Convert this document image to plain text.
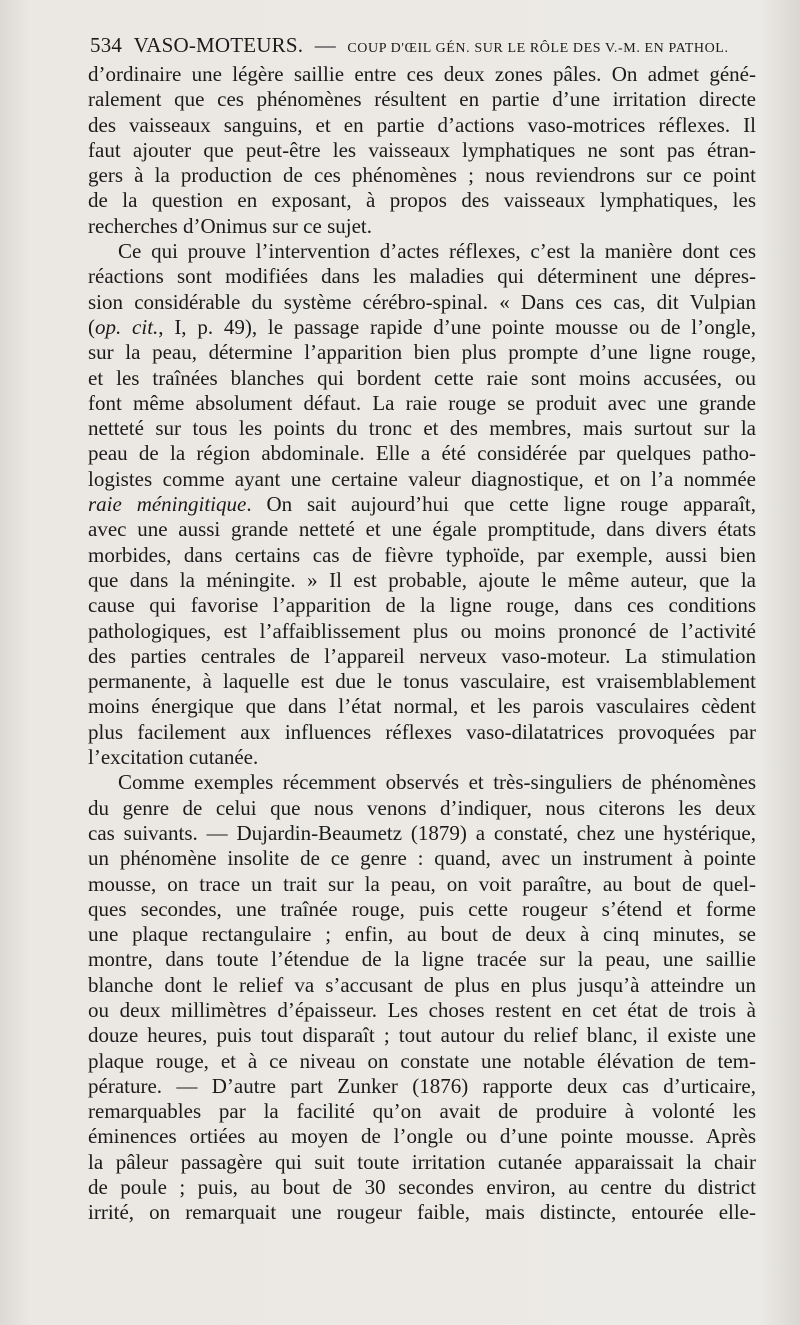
534 VASO-MOTEURS. — COUP D'ŒIL GÉN. SUR LE RÔLE DES V.-M. EN PATHOL.
d’ordinaire une légère saillie entre ces deux zones pâles. On admet géné-
ralement que ces phénomènes résultent en partie d’une irritation directe
des vaisseaux sanguins, et en partie d’actions vaso-motrices réflexes. Il
faut ajouter que peut-être les vaisseaux lymphatiques ne sont pas étran-
gers à la production de ces phénomènes ; nous reviendrons sur ce point
de la question en exposant, à propos des vaisseaux lymphatiques, les
recherches d’Onimus sur ce sujet.
Ce qui prouve l’intervention d’actes réflexes, c’est la manière dont ces
réactions sont modifiées dans les maladies qui déterminent une dépres-
sion considérable du système cérébro-spinal. « Dans ces cas, dit Vulpian
(op. cit., I, p. 49), le passage rapide d’une pointe mousse ou de l’ongle,
sur la peau, détermine l’apparition bien plus prompte d’une ligne rouge,
et les traînées blanches qui bordent cette raie sont moins accusées, ou
font même absolument défaut. La raie rouge se produit avec une grande
netteté sur tous les points du tronc et des membres, mais surtout sur la
peau de la région abdominale. Elle a été considérée par quelques patho-
logistes comme ayant une certaine valeur diagnostique, et on l’a nommée
raie méningitique. On sait aujourd’hui que cette ligne rouge apparaît,
avec une aussi grande netteté et une égale promptitude, dans divers états
morbides, dans certains cas de fièvre typhoïde, par exemple, aussi bien
que dans la méningite. » Il est probable, ajoute le même auteur, que la
cause qui favorise l’apparition de la ligne rouge, dans ces conditions
pathologiques, est l’affaiblissement plus ou moins prononcé de l’activité
des parties centrales de l’appareil nerveux vaso-moteur. La stimulation
permanente, à laquelle est due le tonus vasculaire, est vraisemblablement
moins énergique que dans l’état normal, et les parois vasculaires cèdent
plus facilement aux influences réflexes vaso-dilatatrices provoquées par
l’excitation cutanée.
Comme exemples récemment observés et très-singuliers de phénomènes
du genre de celui que nous venons d’indiquer, nous citerons les deux
cas suivants. — Dujardin-Beaumetz (1879) a constaté, chez une hystérique,
un phénomène insolite de ce genre : quand, avec un instrument à pointe
mousse, on trace un trait sur la peau, on voit paraître, au bout de quel-
ques secondes, une traînée rouge, puis cette rougeur s’étend et forme
une plaque rectangulaire ; enfin, au bout de deux à cinq minutes, se
montre, dans toute l’étendue de la ligne tracée sur la peau, une saillie
blanche dont le relief va s’accusant de plus en plus jusqu’à atteindre un
ou deux millimètres d’épaisseur. Les choses restent en cet état de trois à
douze heures, puis tout disparaît ; tout autour du relief blanc, il existe une
plaque rouge, et à ce niveau on constate une notable élévation de tem-
pérature. — D’autre part Zunker (1876) rapporte deux cas d’urticaire,
remarquables par la facilité qu’on avait de produire à volonté les
éminences ortiées au moyen de l’ongle ou d’une pointe mousse. Après
la pâleur passagère qui suit toute irritation cutanée apparaissait la chair
de poule ; puis, au bout de 30 secondes environ, au centre du district
irrité, on remarquait une rougeur faible, mais distincte, entourée elle-
